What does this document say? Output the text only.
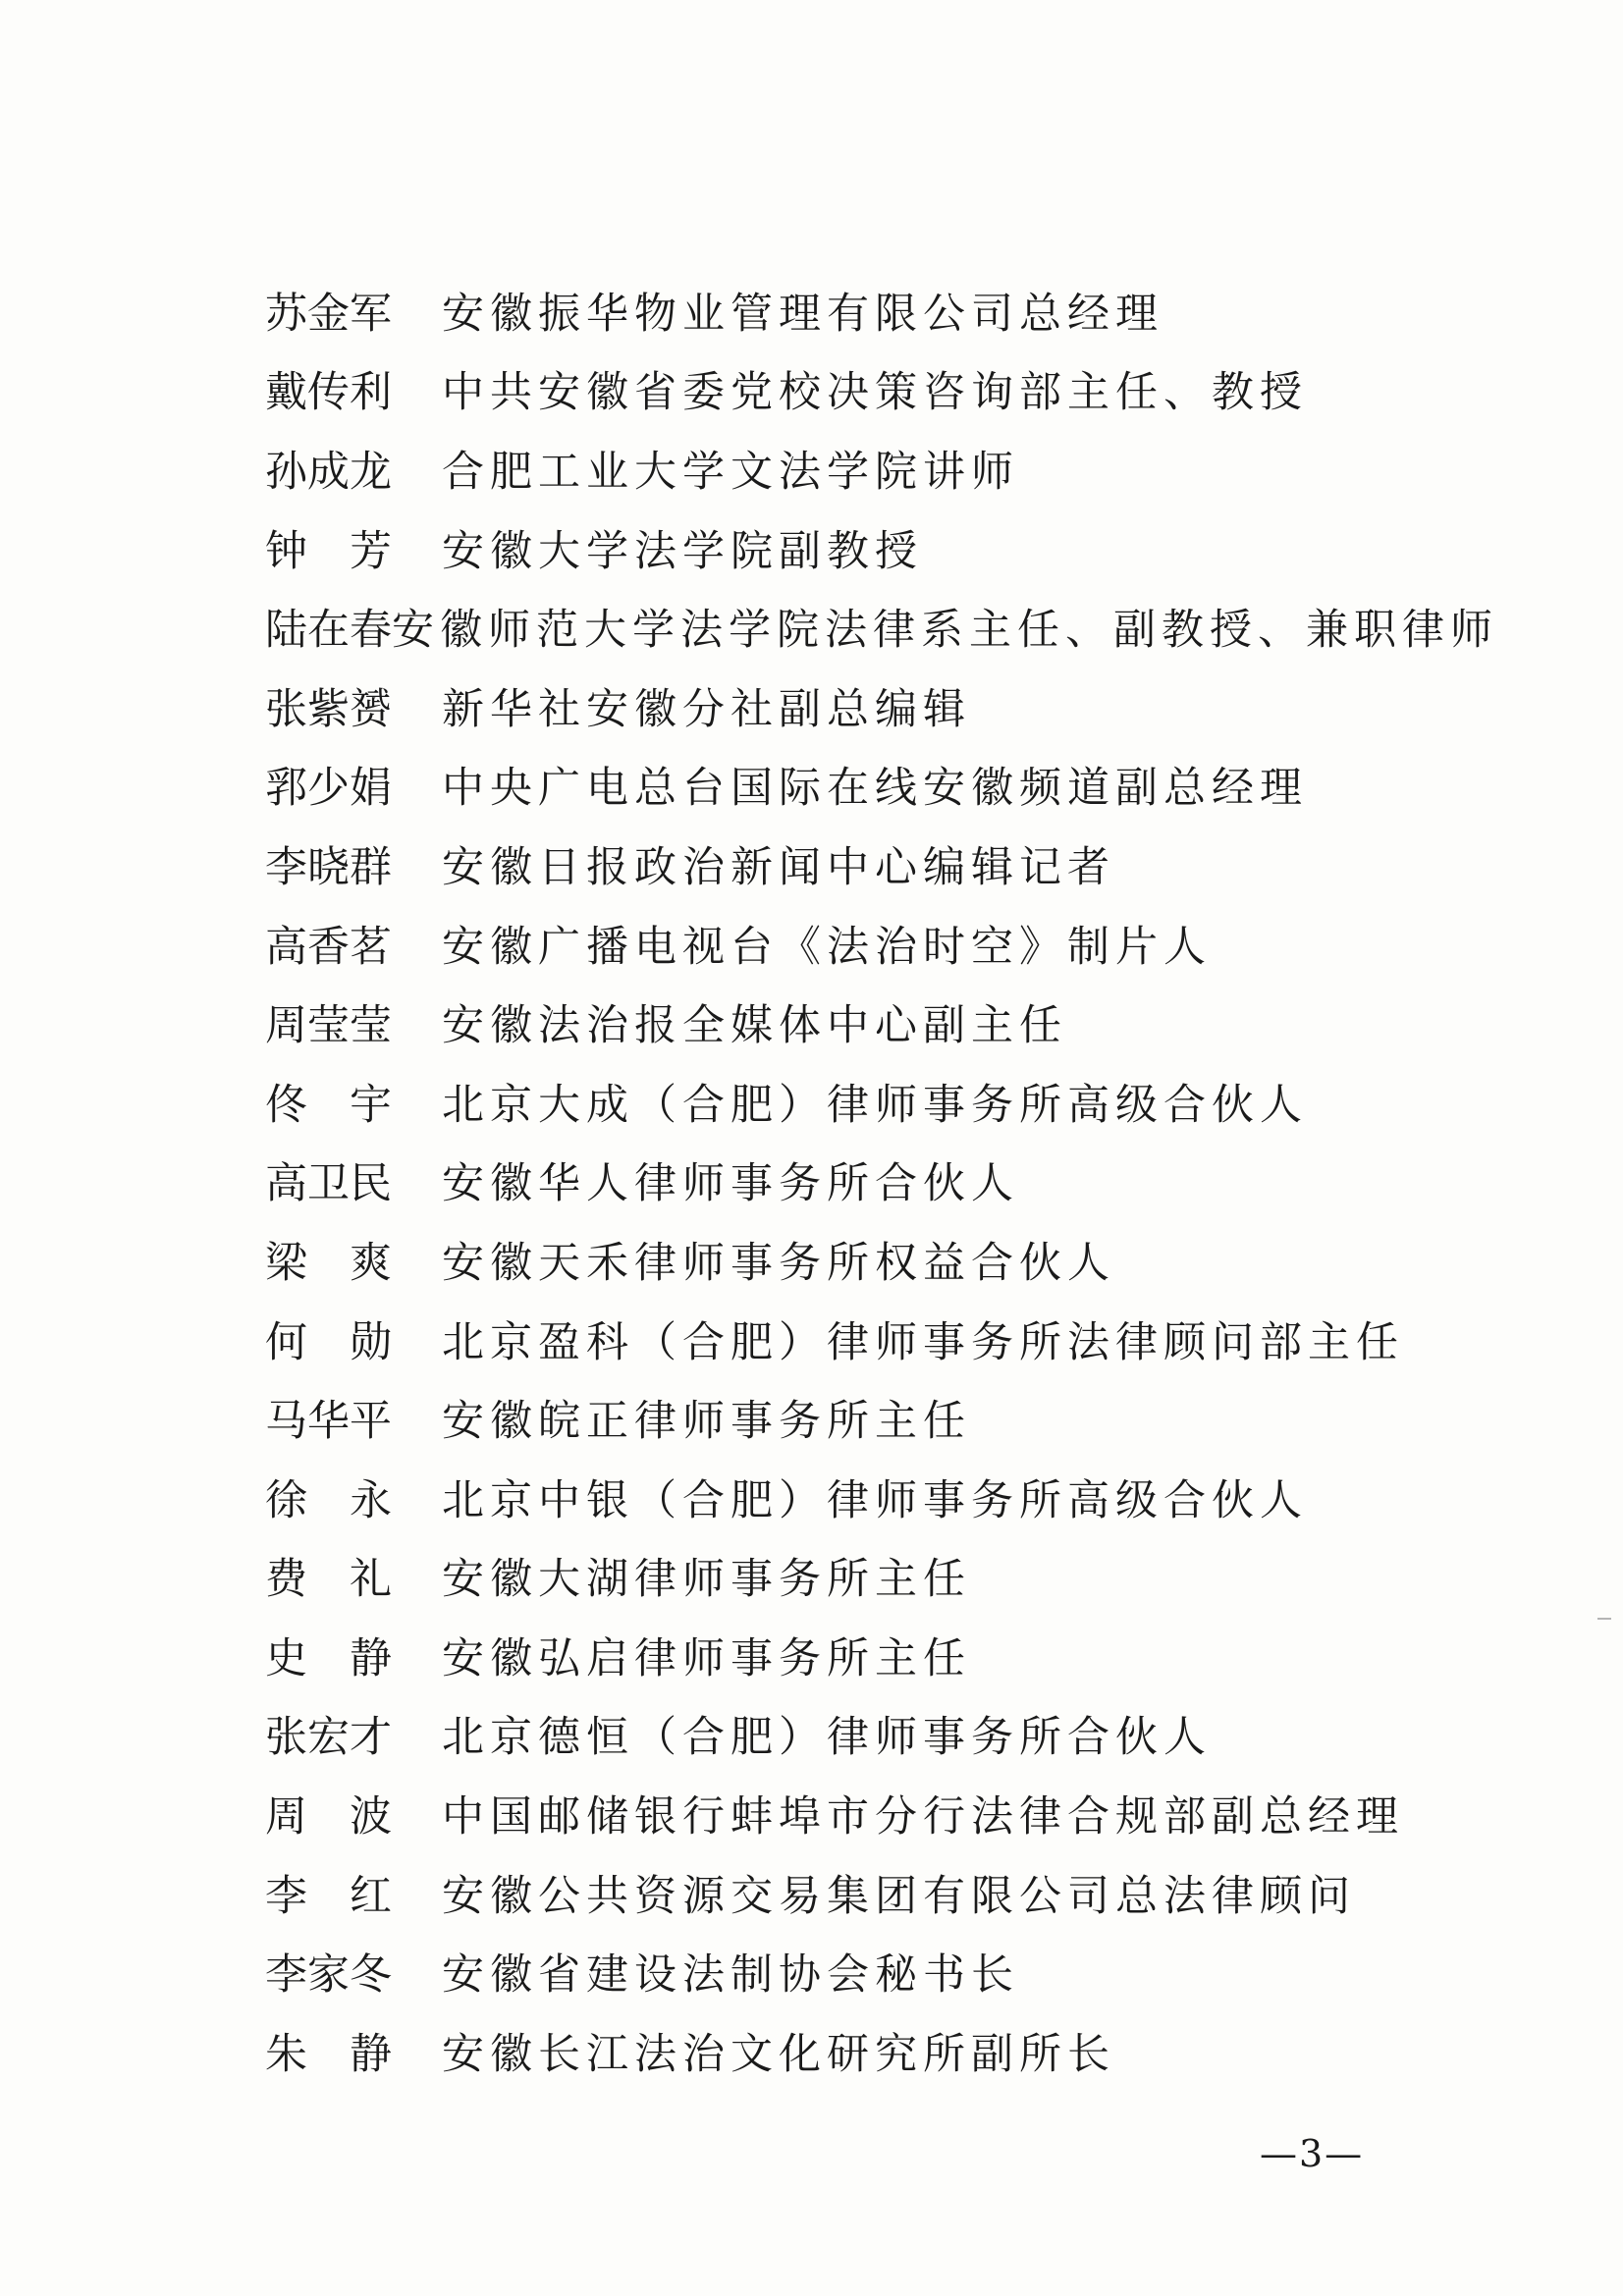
苏金军	安徽振华物业管理有限公司总经理
戴传利	中共安徽省委党校决策咨询部主任、教授
孙成龙	合肥工业大学文法学院讲师
钟　芳	安徽大学法学院副教授
陆在春 安徽师范大学法学院法律系主任、副教授、兼职律师
张紫赟	新华社安徽分社副总编辑
郛少娟	中央广电总台国际在线安徽频道副总经理
李晓群	安徽日报政治新闻中心编辑记者
高香茗	安徽广播电视台《法治时空》制片人
周莹莹	安徽法治报全媒体中心副主任
佟　宇	北京大成（合肥）律师事务所高级合伙人
高卫民	安徽华人律师事务所合伙人
梁　爽	安徽天禾律师事务所权益合伙人
何　勋	北京盈科（合肥）律师事务所法律顾问部主任
马华平	安徽皖正律师事务所主任
徐　永	北京中银（合肥）律师事务所高级合伙人
费　礼	安徽大湖律师事务所主任
史　静	安徽弘启律师事务所主任
张宏才	北京德恒（合肥）律师事务所合伙人
周　波	中国邮储银行蚌埠市分行法律合规部副总经理
李　红	安徽公共资源交易集团有限公司总法律顾问
李家冬	安徽省建设法制协会秘书长
朱　静	安徽长江法治文化研究所副所长
—3—
